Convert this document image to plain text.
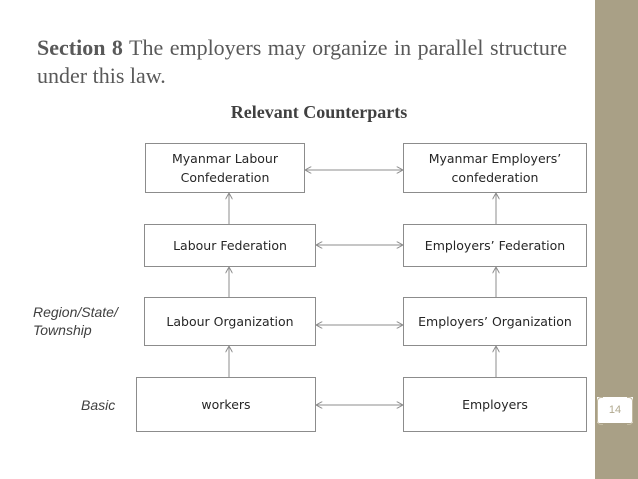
14
Section 8 The employers may organize in parallel structure under this law.
Relevant Counterparts
Myanmar Labour Confederation
Labour Federation
Labour Organization
workers
Myanmar Employers’ confederation
Employers’ Federation
Employers’ Organization
Employers
Region/State/ Township
Basic
